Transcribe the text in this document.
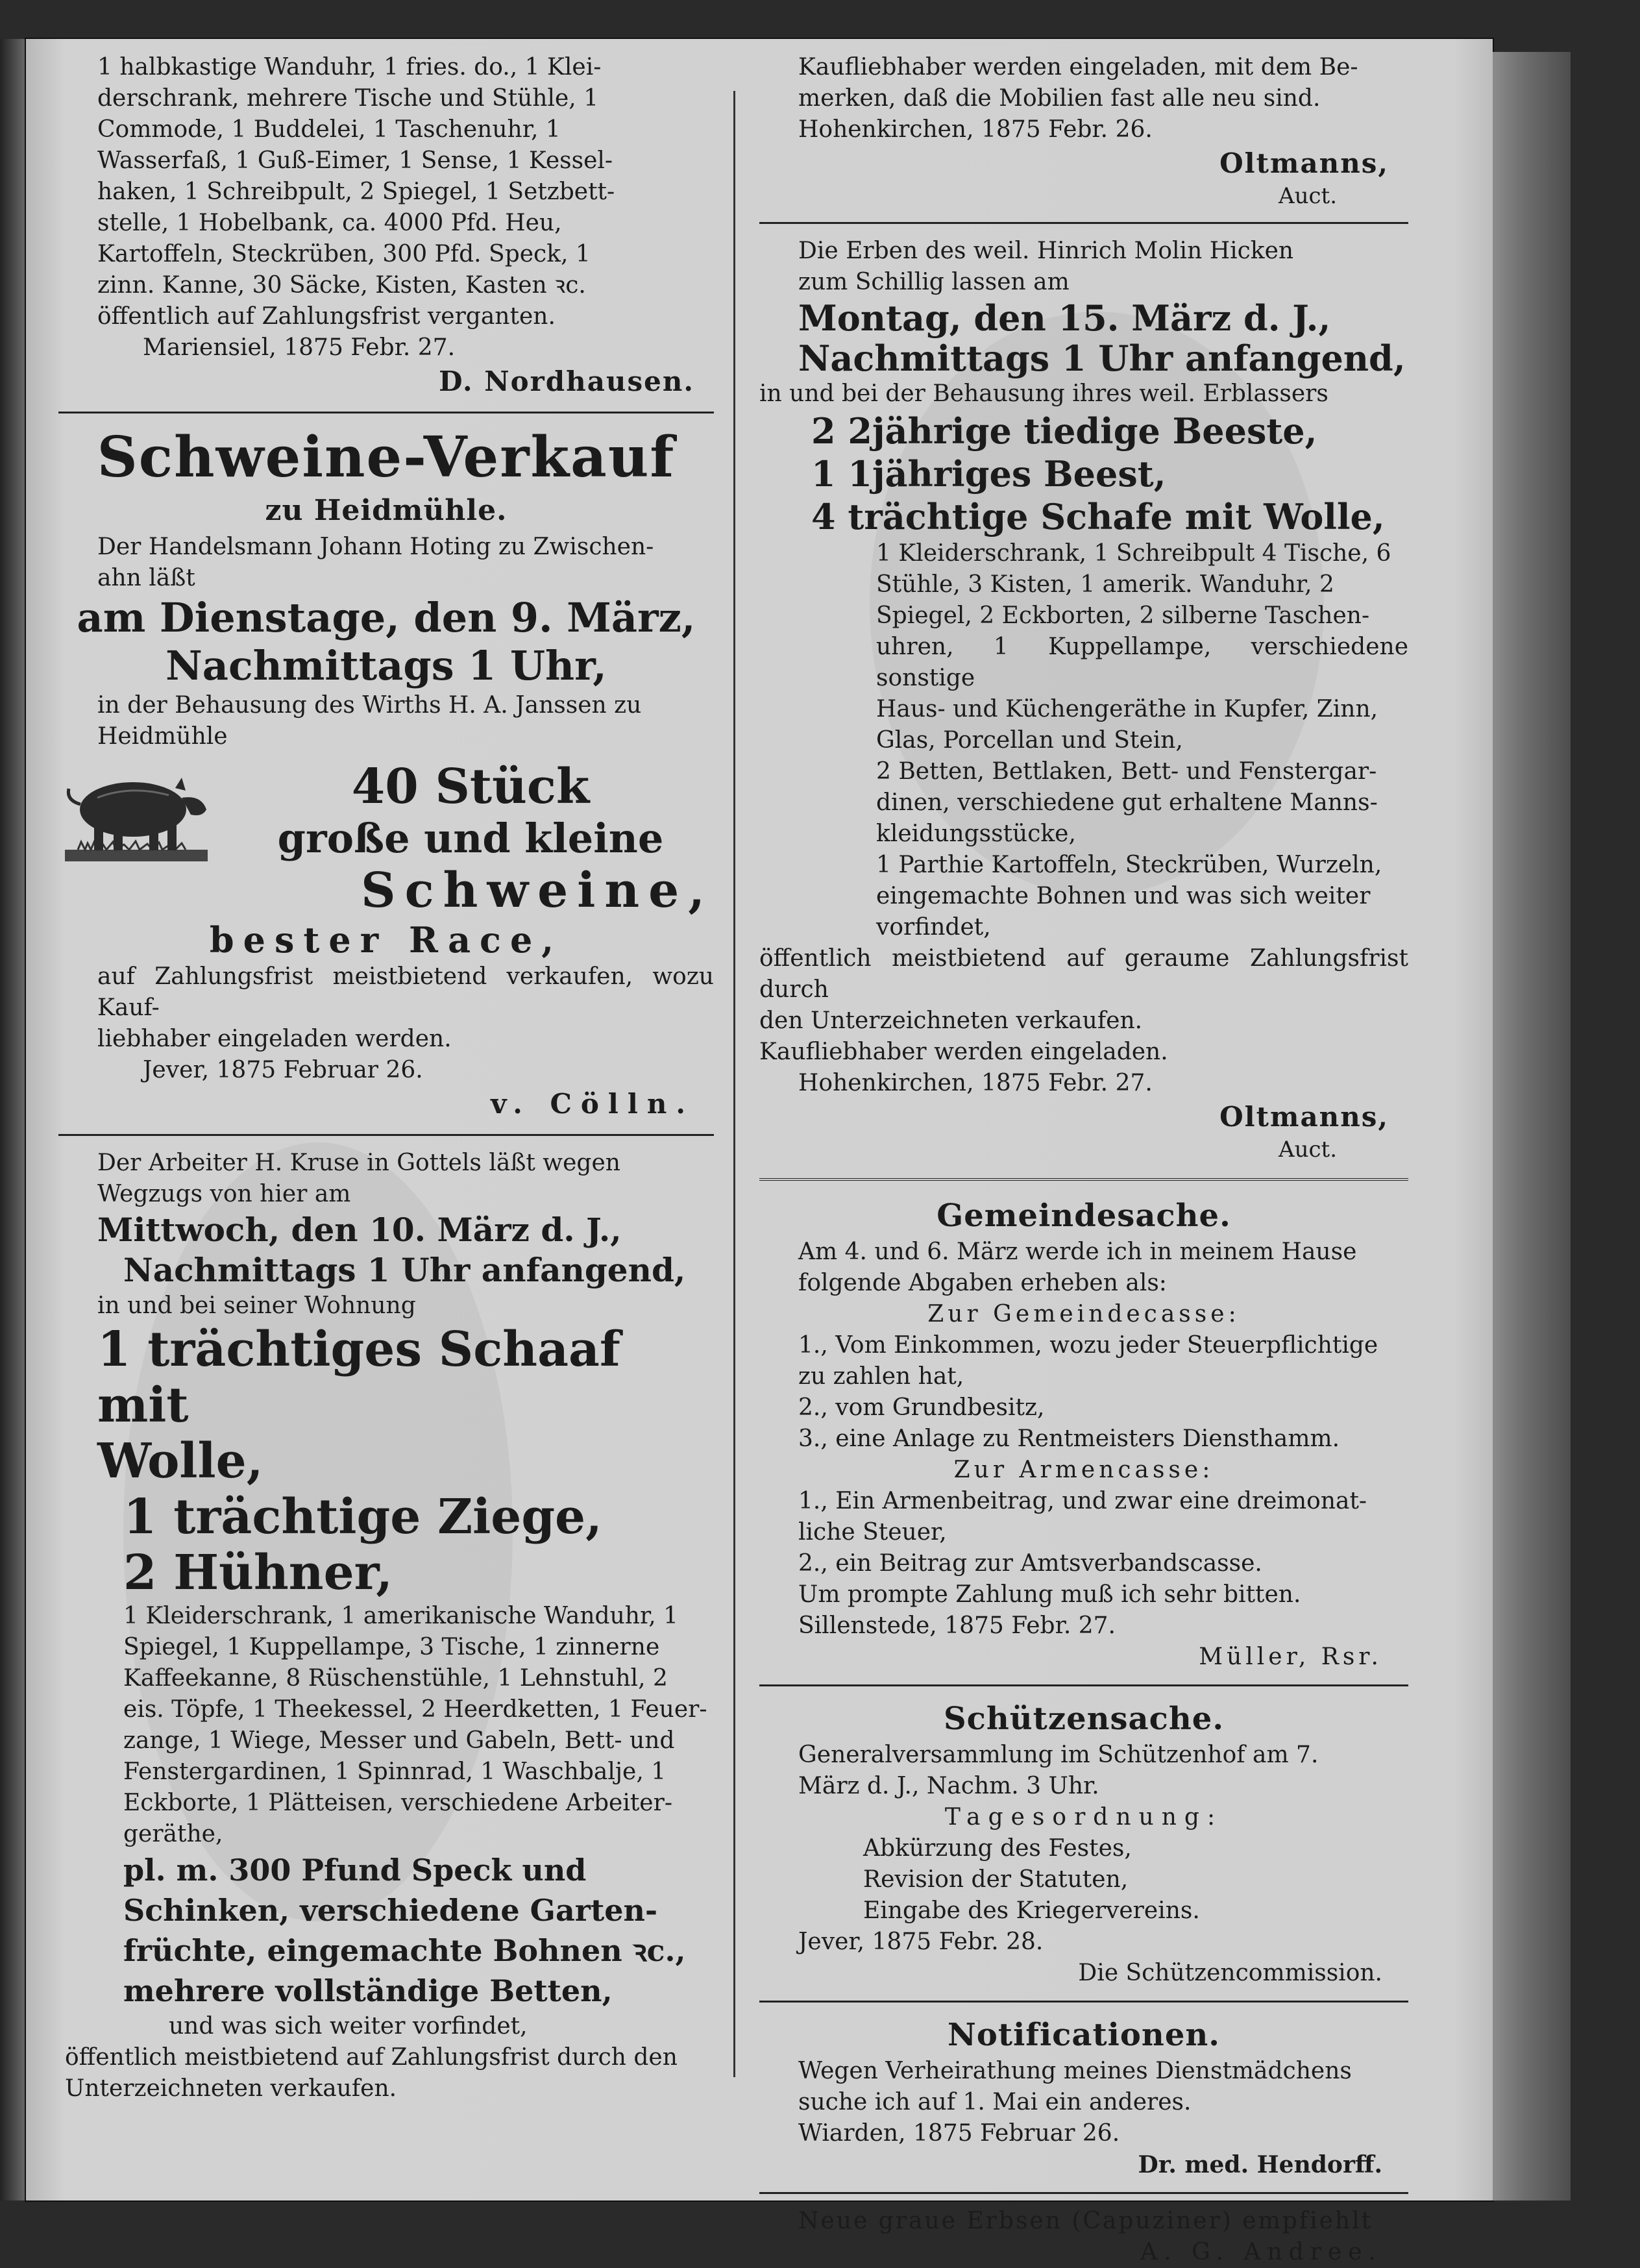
1 halbkastige Wanduhr, 1 fries. do., 1 Klei-

derschrank, mehrere Tische und Stühle, 1

Commode, 1 Buddelei, 1 Taschenuhr, 1

Wasserfaß, 1 Guß-Eimer, 1 Sense, 1 Kessel-

haken, 1 Schreibpult, 2 Spiegel, 1 Setzbett-

stelle, 1 Hobelbank, ca. 4000 Pfd. Heu,

Kartoffeln, Steckrüben, 300 Pfd. Speck, 1

zinn. Kanne, 30 Säcke, Kisten, Kasten ꝛc.

öffentlich auf Zahlungsfrist verganten.

Mariensiel, 1875 Febr. 27.

D. Nordhausen.

Schweine-Verkauf

zu Heidmühle.

Der Handelsmann Johann Hoting zu Zwischen-

ahn läßt

am Dienstage, den 9. März,

Nachmittags 1 Uhr,

in der Behausung des Wirths H. A. Janssen zu

Heidmühle

40 Stück

große und kleine

Schweine,

bester Race,

auf Zahlungsfrist meistbietend verkaufen, wozu Kauf-

liebhaber eingeladen werden.

Jever, 1875 Februar 26.

v. Cölln.

Der Arbeiter H. Kruse in Gottels läßt wegen

Wegzugs von hier am

Mittwoch, den 10. März d. J.,

Nachmittags 1 Uhr anfangend,

in und bei seiner Wohnung

1 trächtiges Schaaf mit

Wolle,

1 trächtige Ziege,

2 Hühner,

1 Kleiderschrank, 1 amerikanische Wanduhr, 1

Spiegel, 1 Kuppellampe, 3 Tische, 1 zinnerne

Kaffeekanne, 8 Rüschenstühle, 1 Lehnstuhl, 2

eis. Töpfe, 1 Theekessel, 2 Heerdketten, 1 Feuer-

zange, 1 Wiege, Messer und Gabeln, Bett- und

Fenstergardinen, 1 Spinnrad, 1 Waschbalje, 1

Eckborte, 1 Plätteisen, verschiedene Arbeiter-

geräthe,

pl. m. 300 Pfund Speck und

Schinken, verschiedene Garten-

früchte, eingemachte Bohnen ꝛc.,

mehrere vollständige Betten,

und was sich weiter vorfindet,

öffentlich meistbietend auf Zahlungsfrist durch den

Unterzeichneten verkaufen.

Kaufliebhaber werden eingeladen, mit dem Be-

merken, daß die Mobilien fast alle neu sind.

Hohenkirchen, 1875 Febr. 26.

Oltmanns,

Auct.

Die Erben des weil. Hinrich Molin Hicken

zum Schillig lassen am

Montag, den 15. März d. J.,

Nachmittags 1 Uhr anfangend,

in und bei der Behausung ihres weil. Erblassers

2 2jährige tiedige Beeste,

1 1jähriges Beest,

4 trächtige Schafe mit Wolle,

1 Kleiderschrank, 1 Schreibpult 4 Tische, 6

Stühle, 3 Kisten, 1 amerik. Wanduhr, 2

Spiegel, 2 Eckborten, 2 silberne Taschen-

uhren, 1 Kuppellampe, verschiedene sonstige

Haus- und Küchengeräthe in Kupfer, Zinn,

Glas, Porcellan und Stein,

2 Betten, Bettlaken, Bett- und Fenstergar-

dinen, verschiedene gut erhaltene Manns-

kleidungsstücke,

1 Parthie Kartoffeln, Steckrüben, Wurzeln,

eingemachte Bohnen und was sich weiter

vorfindet,

öffentlich meistbietend auf geraume Zahlungsfrist durch

den Unterzeichneten verkaufen.

Kaufliebhaber werden eingeladen.

Hohenkirchen, 1875 Febr. 27.

Oltmanns,

Auct.

Gemeindesache.

Am 4. und 6. März werde ich in meinem Hause

folgende Abgaben erheben als:

Zur Gemeindecasse:

1., Vom Einkommen, wozu jeder Steuerpflichtige

zu zahlen hat,

2., vom Grundbesitz,

3., eine Anlage zu Rentmeisters Diensthamm.

Zur Armencasse:

1., Ein Armenbeitrag, und zwar eine dreimonat-

liche Steuer,

2., ein Beitrag zur Amtsverbandscasse.

Um prompte Zahlung muß ich sehr bitten.

Sillenstede, 1875 Febr. 27.

Müller, Rsr.

Schützensache.

Generalversammlung im Schützenhof am 7.

März d. J., Nachm. 3 Uhr.

Tagesordnung:

Abkürzung des Festes,

Revision der Statuten,

Eingabe des Kriegervereins.

Jever, 1875 Febr. 28.

Die Schützencommission.

Notificationen.

Wegen Verheirathung meines Dienstmädchens

suche ich auf 1. Mai ein anderes.

Wiarden, 1875 Februar 26.

Dr. med. Hendorff.

Neue graue Erbsen (Capuziner) empfiehlt

A. G. Andree.
